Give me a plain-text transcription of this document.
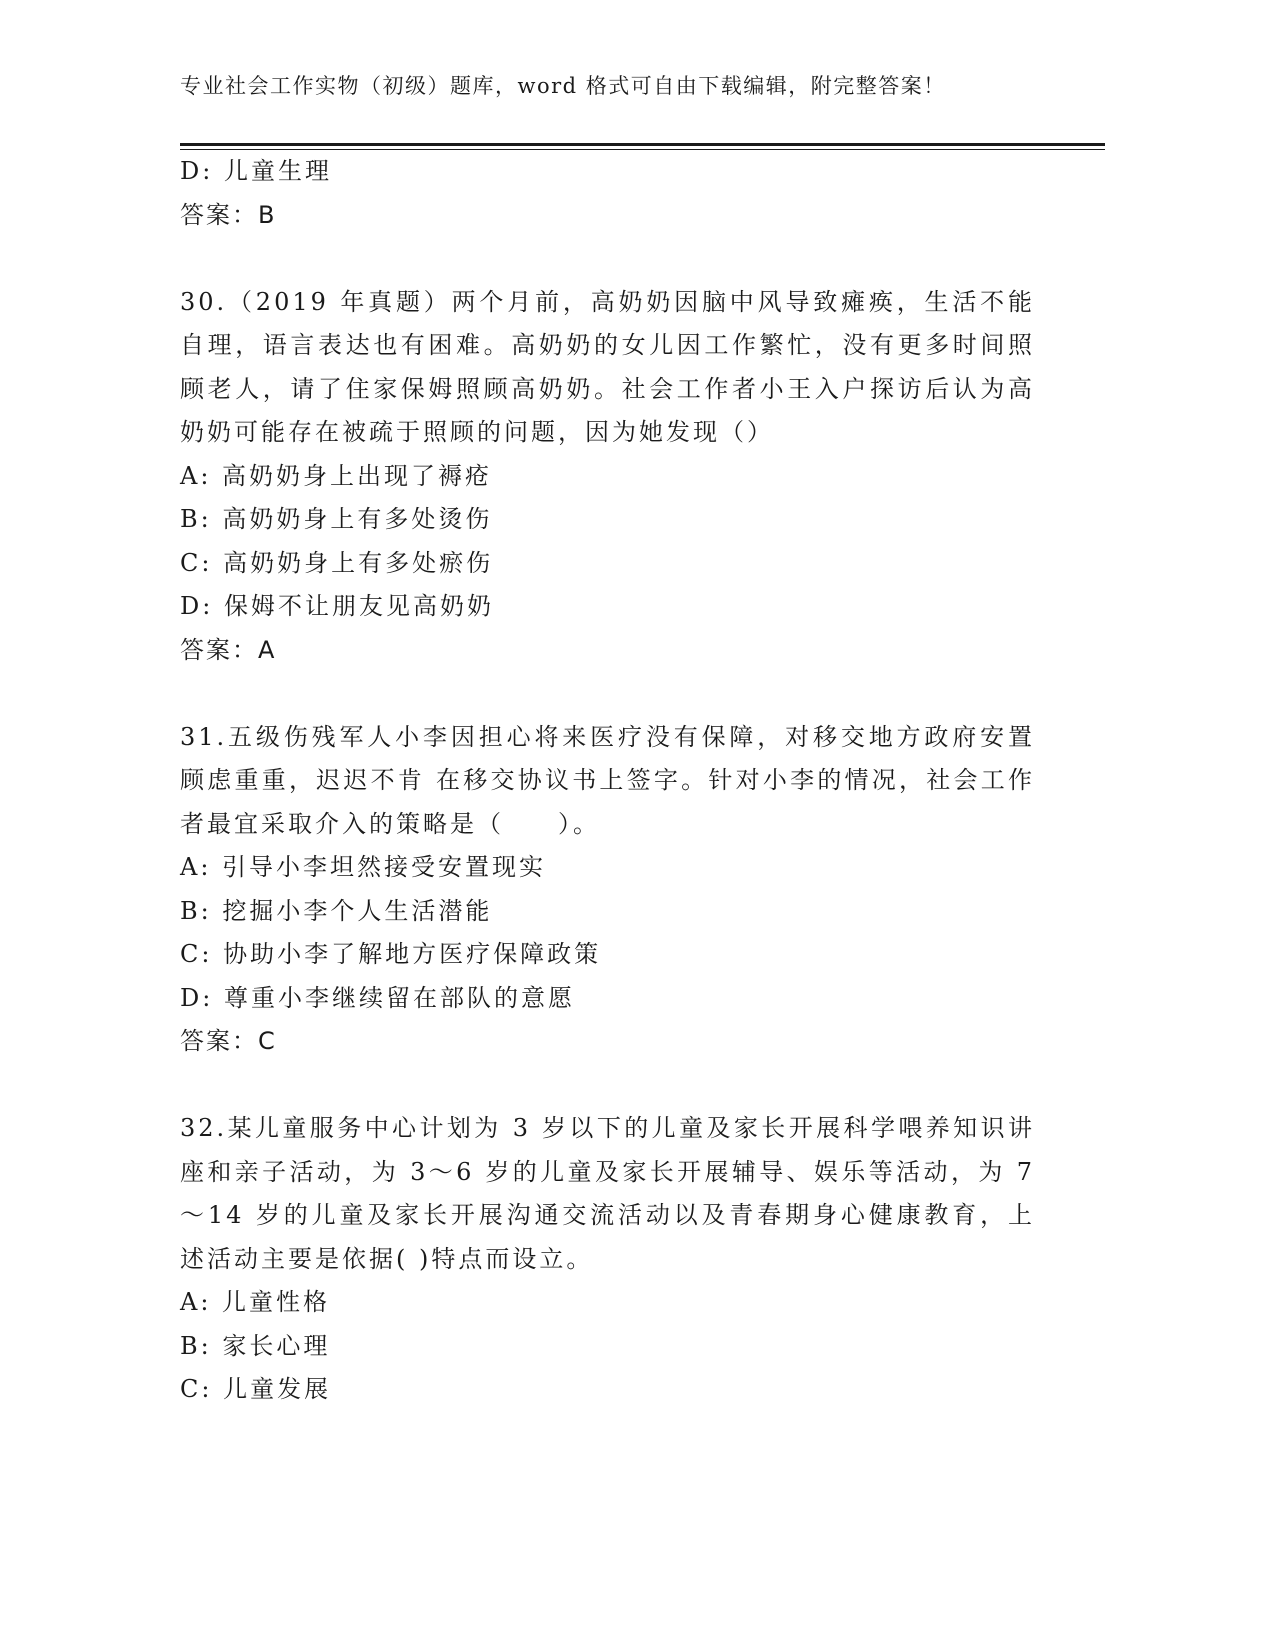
专业社会工作实物（初级）题库，word 格式可自由下载编辑，附完整答案！
D: 儿童生理
答案：B
30.（2019 年真题）两个月前，高奶奶因脑中风导致瘫痪，生活不能自理，语言表达也有困难。高奶奶的女儿因工作繁忙，没有更多时间照顾老人，请了住家保姆照顾高奶奶。社会工作者小王入户探访后认为高奶奶可能存在被疏于照顾的问题，因为她发现（）
A: 高奶奶身上出现了褥疮
B: 高奶奶身上有多处烫伤
C: 高奶奶身上有多处瘀伤
D: 保姆不让朋友见高奶奶
答案：A
31.五级伤残军人小李因担心将来医疗没有保障，对移交地方政府安置顾虑重重，迟迟不肯 在移交协议书上签字。针对小李的情况，社会工作者最宜采取介入的策略是（　　）。
A: 引导小李坦然接受安置现实
B: 挖掘小李个人生活潜能
C: 协助小李了解地方医疗保障政策
D: 尊重小李继续留在部队的意愿
答案：C
32.某儿童服务中心计划为 3 岁以下的儿童及家长开展科学喂养知识讲座和亲子活动，为 3～6 岁的儿童及家长开展辅导、娱乐等活动，为 7～14 岁的儿童及家长开展沟通交流活动以及青春期身心健康教育，上述活动主要是依据( )特点而设立。
A: 儿童性格
B: 家长心理
C: 儿童发展
